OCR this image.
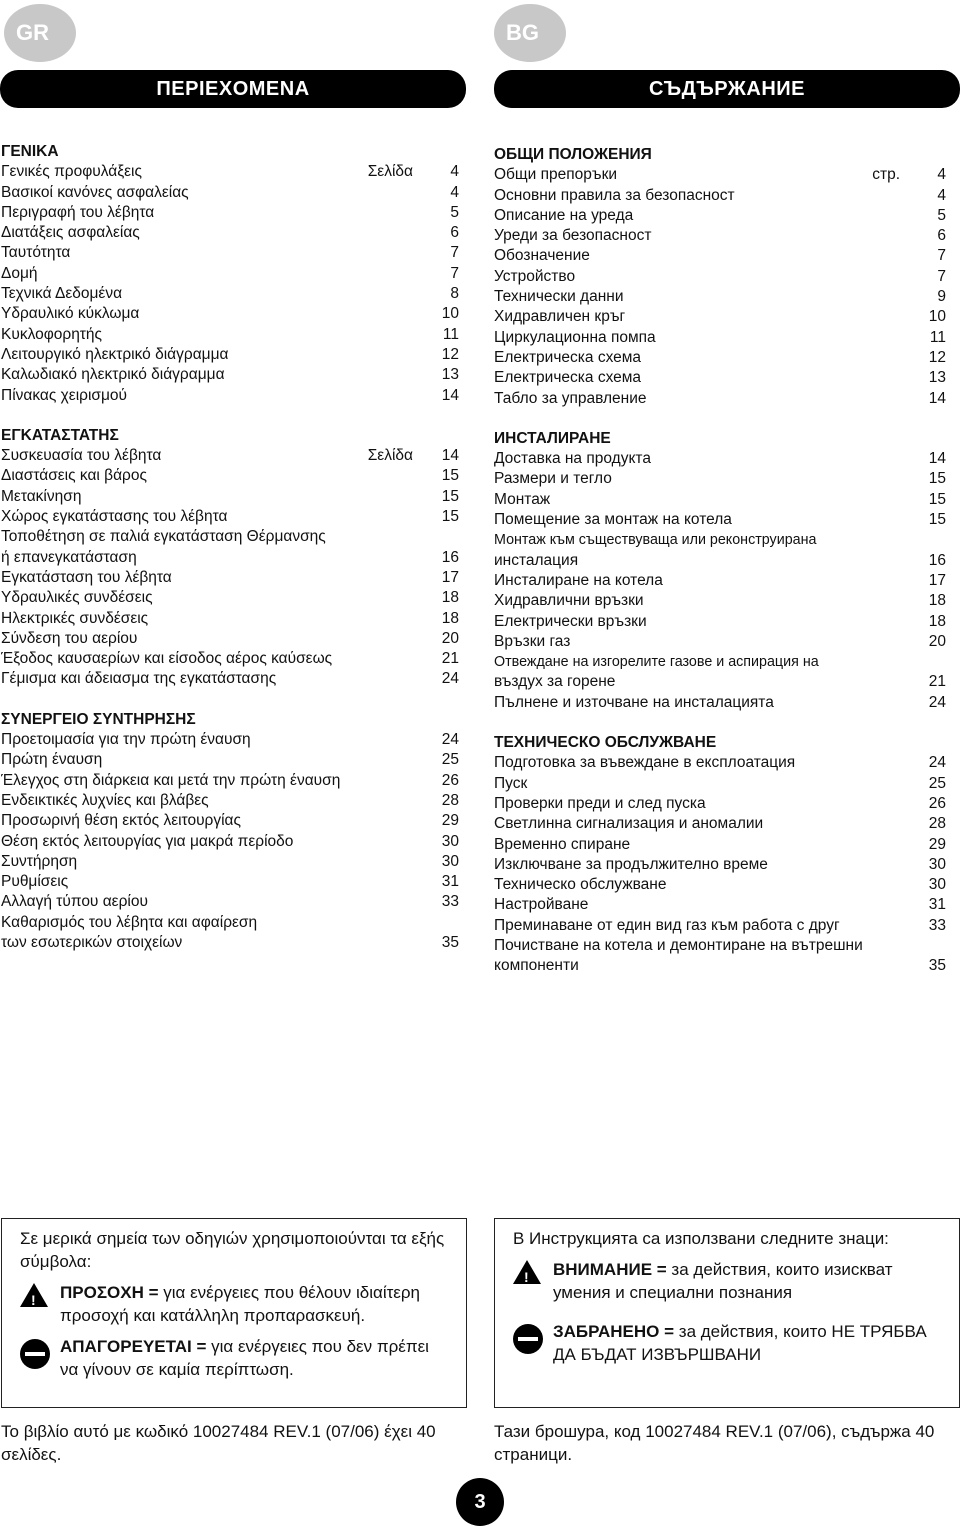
GR	BG
ΠΕΡΙΕΧΟΜΕΝΑ	СЪДЪРЖАНИЕ
ΓΕΝΙΚΑ
Γενικές προφυλάξεις	Σελίδα	4
Βασικοί κανόνες ασφαλείας	4
Περιγραφή του λέβητα	5
Διατάξεις ασφαλείας	6
Ταυτότητα	7
Δομή	7
Τεχνικά Δεδομένα	8
Υδραυλικό κύκλωμα	10
Κυκλοφορητής	11
Λειτουργικό ηλεκτρικό διάγραμμα	12
Καλωδιακό ηλεκτρικό διάγραμμα	13
Πίνακας χειρισμού	14
ΕΓΚΑΤΑΣΤΑΤΗΣ
Συσκευασία του λέβητα	Σελίδα	14
Διαστάσεις και βάρος	15
Μετακίνηση	15
Χώρος εγκατάστασης του λέβητα	15
Τοποθέτηση σε παλιά εγκατάσταση Θέρμανσης
ή επανεγκατάσταση	16
Εγκατάσταση του λέβητα	17
Υδραυλικές συνδέσεις	18
Ηλεκτρικές συνδέσεις	18
Σύνδεση του αερίου	20
Έξοδος καυσαερίων και είσοδος αέρος καύσεως	21
Γέμισμα και άδειασμα της εγκατάστασης	24
ΣΥΝΕΡΓΕΙΟ ΣΥΝΤΗΡΗΣΗΣ
Προετοιμασία για την πρώτη έναυση	24
Πρώτη έναυση	25
Έλεγχος στη διάρκεια και μετά την πρώτη έναυση	26
Ενδεικτικές λυχνίες και βλάβες	28
Προσωρινή θέση εκτός λειτουργίας	29
Θέση εκτός λειτουργίας για μακρά περίοδο	30
Συντήρηση	30
Ρυθμίσεις	31
Αλλαγή τύπου αερίου	33
Καθαρισμός του λέβητα και αφαίρεση
των εσωτερικών στοιχείων	35
ОБЩИ ПОЛОЖЕНИЯ
Общи препоръки	стр.	4
Основни правила за безопасност	4
Описание на уреда	5
Уреди за безопасност	6
Обозначение	7
Устройство	7
Технически данни	9
Хидравличен кръг	10
Циркулационна помпа	11
Електрическа схема	12
Електрическа схема	13
Табло за управление	14
ИНСТАЛИРАНЕ
Доставка на продукта	14
Размери и тегло	15
Монтаж	15
Помещение за монтаж на котела	15
Монтаж към съществуваща или реконструирана
инсталация	16
Инсталиране на котела	17
Хидравлични връзки	18
Електрически връзки	18
Връзки газ	20
Отвеждане на изгорелите газове и аспирация на
въздух за горене	21
Пълнене и източване на инсталацията	24
ТЕХНИЧЕСКО ОБСЛУЖВАНЕ
Подготовка за въвеждане в експлоатация	24
Пуск	25
Проверки преди и след пуска	26
Светлинна сигнализация и аномалии	28
Временно спиране	29
Изключване за продължително време	30
Техническо обслужване	30
Настройване	31
Преминаване от един вид газ към работа с друг	33
Почистване на котела и демонтиране на вътрешни
компоненти	35
Σε μερικά σημεία των οδηγιών χρησιμοποιούνται τα εξής σύμβολα:
! ΠΡΟΣΟΧΗ = για ενέργειες που θέλουν ιδιαίτερη προσοχή και κατάλληλη προπαρασκευή.
ΑΠΑΓΟΡΕΥΕΤΑΙ = για ενέργειες που δεν πρέπει να γίνουν σε καμία περίπτωση.
В Инструкцията са използвани следните знаци:
! ВНИМАНИЕ = за действия, които изискват умения и специални познания
ЗАБРАНЕНО = за действия, които НЕ ТРЯБВА ДА БЪДАТ ИЗВЪРШВАНИ
Το βιβλίο αυτό με κωδικό 10027484 REV.1 (07/06) έχει 40 σελίδες.
Тази брошура, код 10027484 REV.1 (07/06), съдържа 40 страници.
3
